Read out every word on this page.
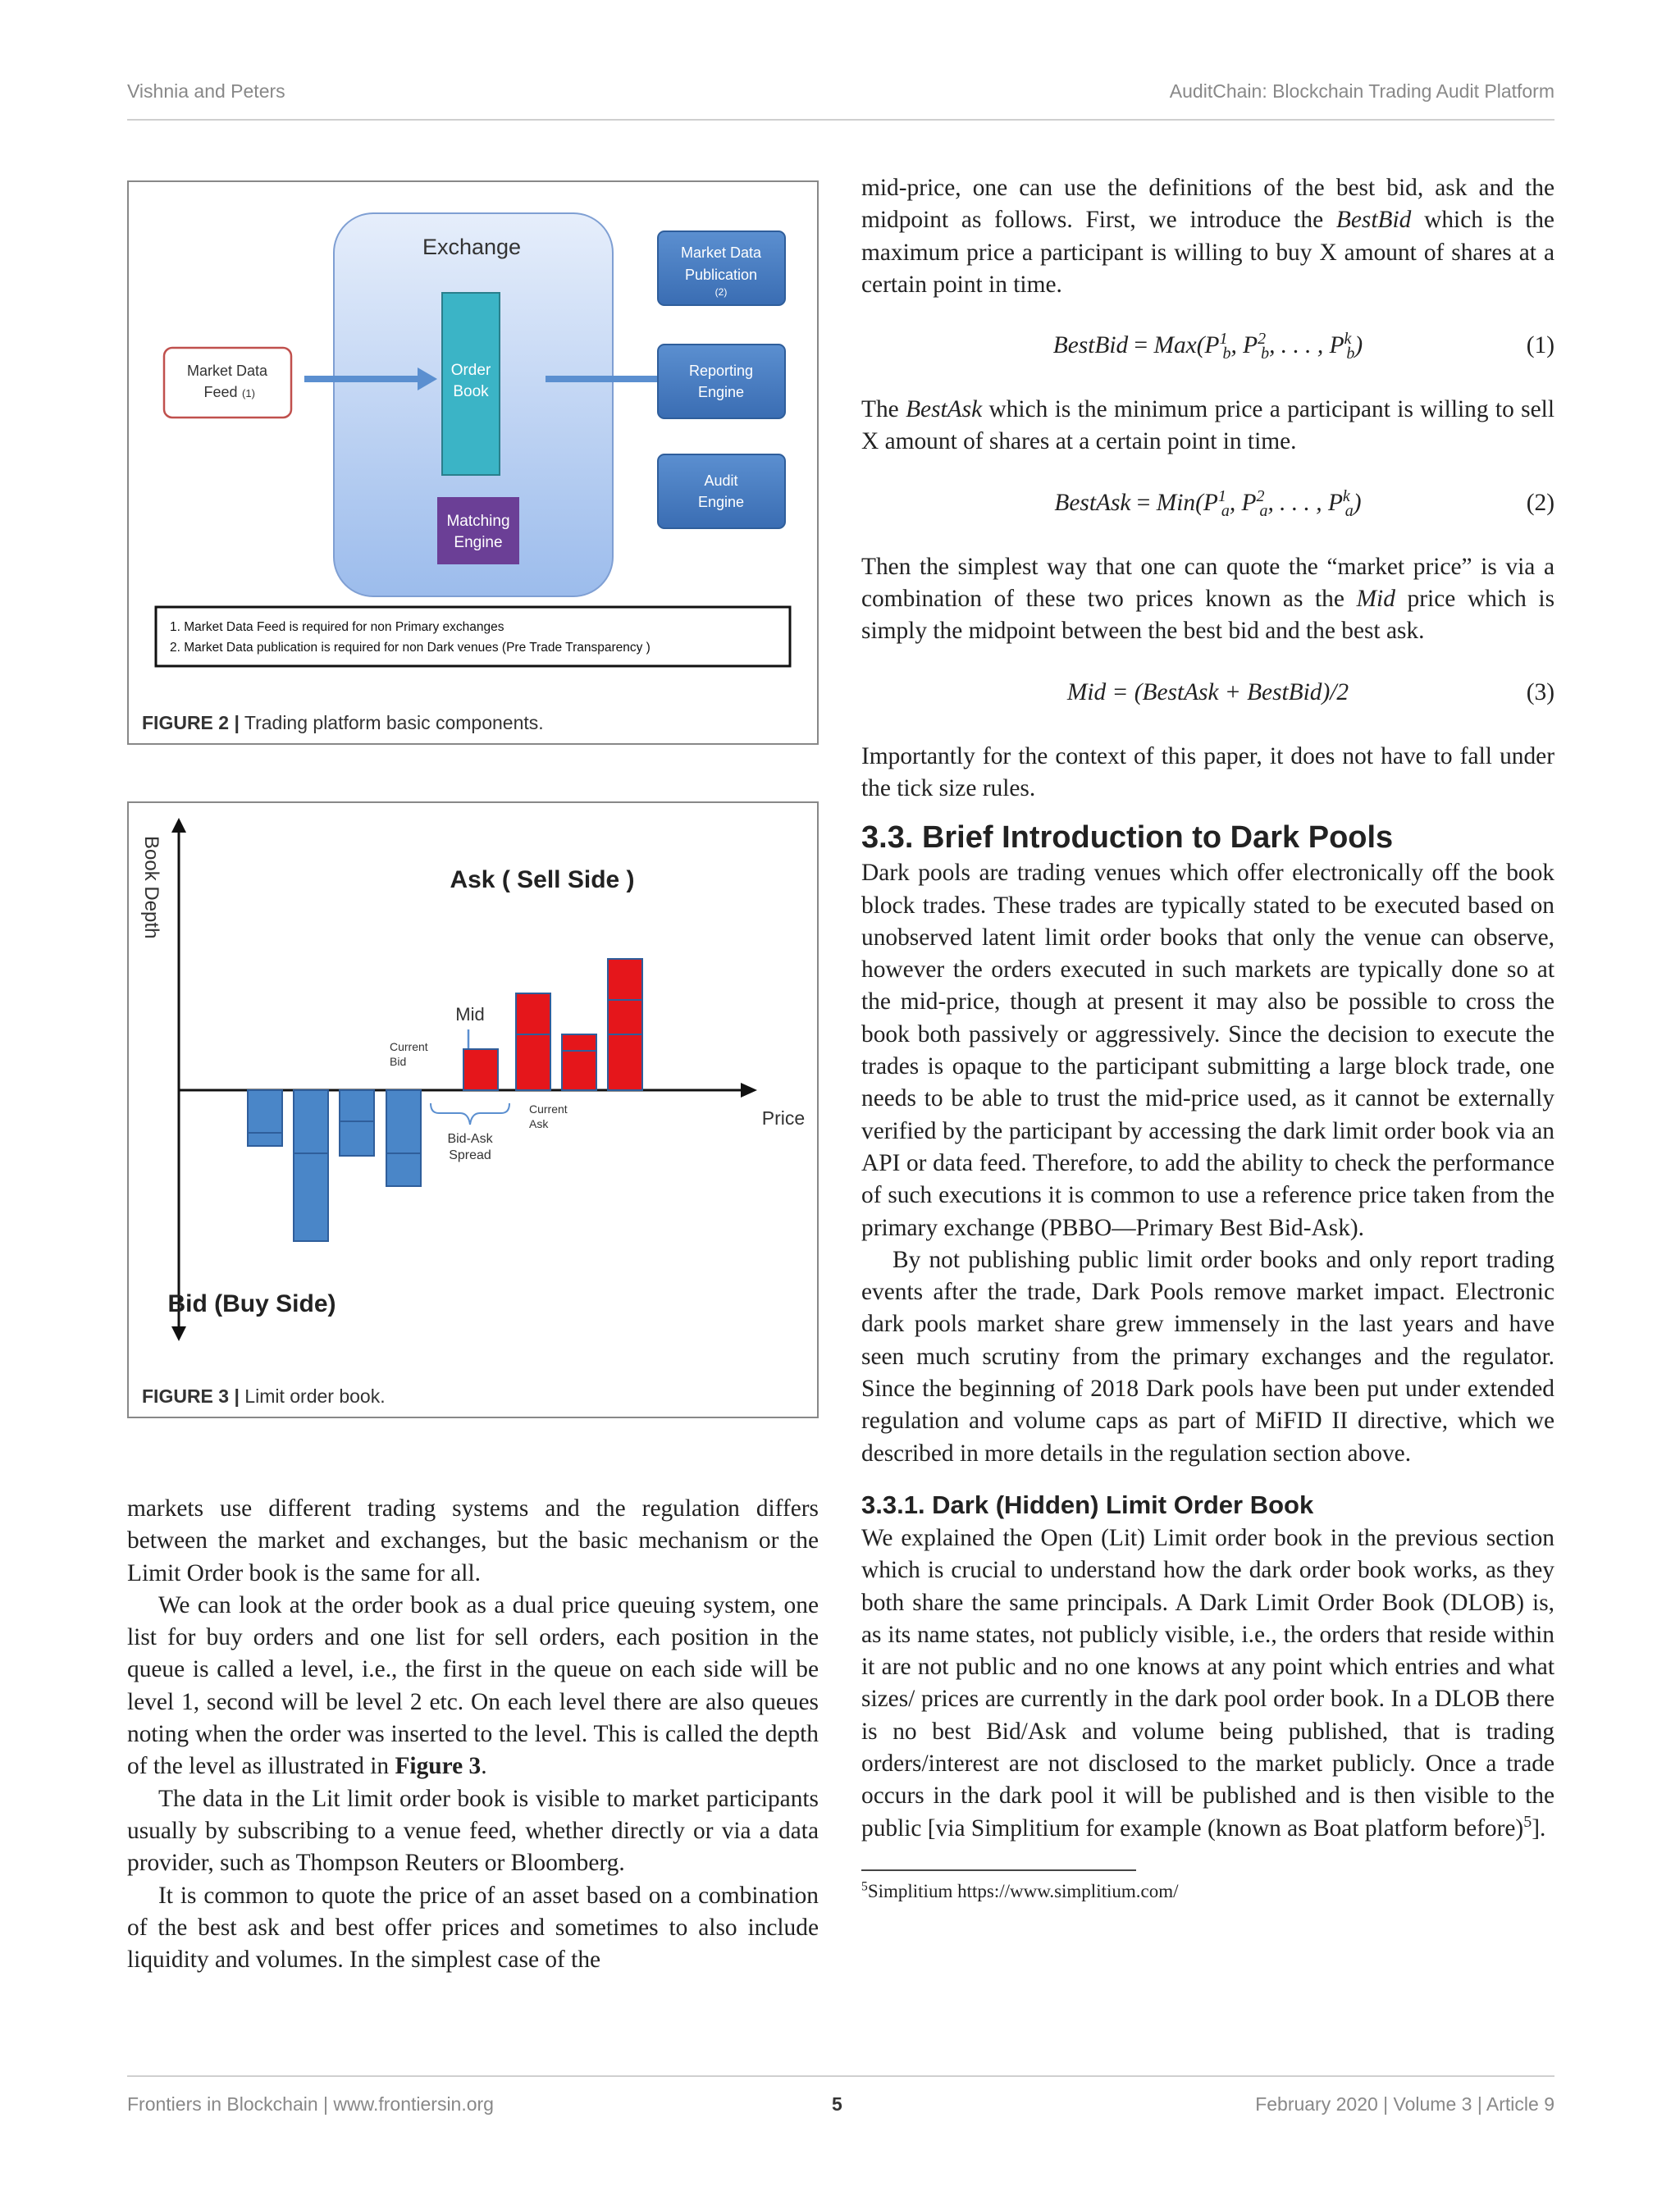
Vishnia and Peters	AuditChain: Blockchain Trading Audit Platform
Exchange
Order
Book
Matching
Engine
Market Data
Feed (1)
Market Data
Publication
(2)
Reporting
Engine
Audit
Engine
1. Market Data Feed is required for non Primary exchanges
2. Market Data publication is required for non Dark venues (Pre Trade Transparency )
FIGURE 2 | Trading platform basic components.
Book Depth	Ask ( Sell Side )
Bid (Buy Side)
Price
Mid
Current
Bid
Current
Ask
Bid-Ask
Spread
FIGURE 3 | Limit order book.

markets use different trading systems and the regulation differs between the market and exchanges, but the basic mechanism or the Limit Order book is the same for all.

We can look at the order book as a dual price queuing system, one list for buy orders and one list for sell orders, each position in the queue is called a level, i.e., the first in the queue on each side will be level 1, second will be level 2 etc. On each level there are also queues noting when the order was inserted to the level. This is called the depth of the level as illustrated in Figure 3.

The data in the Lit limit order book is visible to market participants usually by subscribing to a venue feed, whether directly or via a data provider, such as Thompson Reuters or Bloomberg.

It is common to quote the price of an asset based on a combination of the best ask and best offer prices and sometimes to also include liquidity and volumes. In the simplest case of the

mid-price, one can use the definitions of the best bid, ask and the midpoint as follows. First, we introduce the BestBid which is the maximum price a participant is willing to buy X amount of shares at a certain point in time.

BestBid = $Max(P^1_b$, $P^2_b$, . . . , $P^k_b$)	(1)

The BestAsk which is the minimum price a participant is willing to sell X amount of shares at a certain point in time.

BestAsk = $Min(P^1_a$, $P^2_a$, . . . , $P^k_a$)	(2)

Then the simplest way that one can quote the “market price” is via a combination of these two prices known as the Mid price which is simply the midpoint between the best bid and the best ask.

Mid = (BestAsk + BestBid)/2	(3)

Importantly for the context of this paper, it does not have to fall under the tick size rules.

3.3. Brief Introduction to Dark Pools

Dark pools are trading venues which offer electronically off the book block trades. These trades are typically stated to be executed based on unobserved latent limit order books that only the venue can observe, however the orders executed in such markets are typically done so at the mid-price, though at present it may also be possible to cross the book both passively or aggressively. Since the decision to execute the trades is opaque to the participant submitting a large block trade, one needs to be able to trust the mid-price used, as it cannot be externally verified by the participant by accessing the dark limit order book via an API or data feed. Therefore, to add the ability to check the performance of such executions it is common to use a reference price taken from the primary exchange (PBBO—Primary Best Bid-Ask).

By not publishing public limit order books and only report trading events after the trade, Dark Pools remove market impact. Electronic dark pools market share grew immensely in the last years and have seen much scrutiny from the primary exchanges and the regulator. Since the beginning of 2018 Dark pools have been put under extended regulation and volume caps as part of MiFID II directive, which we described in more details in the regulation section above.

3.3.1. Dark (Hidden) Limit Order Book

We explained the Open (Lit) Limit order book in the previous section which is crucial to understand how the dark order book works, as they both share the same principals. A Dark Limit Order Book (DLOB) is, as its name states, not publicly visible, i.e., the orders that reside within it are not public and no one knows at any point which entries and what sizes/ prices are currently in the dark pool order book. In a DLOB there is no best Bid/Ask and volume being published, that is trading orders/interest are not disclosed to the market publicly. Once a trade occurs in the dark pool it will be published and is then visible to the public [via Simplitium for example (known as Boat platform before)$^5$].

$^5$Simplitium https://www.simplitium.com/
Frontiers in Blockchain | www.frontiersin.org	5	February 2020 | Volume 3 | Article 9
